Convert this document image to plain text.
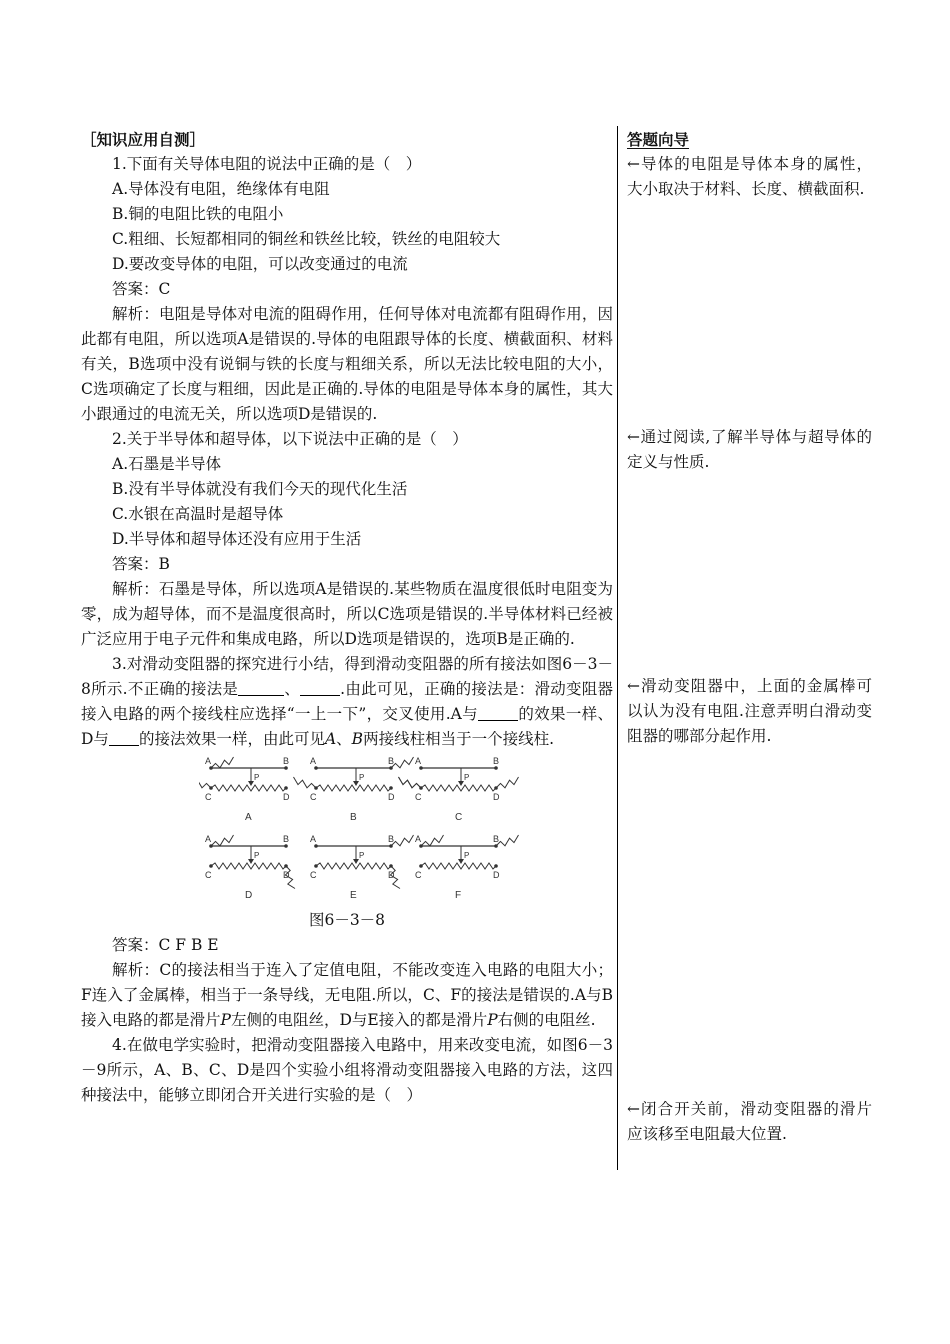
［知识应用自测］

1.下面有关导体电阻的说法中正确的是（　）

A.导体没有电阻，绝缘体有电阻

B.铜的电阻比铁的电阻小

C.粗细、长短都相同的铜丝和铁丝比较，铁丝的电阻较大

D.要改变导体的电阻，可以改变通过的电流

答案：C

解析：电阻是导体对电流的阻碍作用，任何导体对电流都有阻碍作用，因此都有电阻，所以选项A是错误的.导体的电阻跟导体的长度、横截面积、材料有关，B选项中没有说铜与铁的长度与粗细关系，所以无法比较电阻的大小，C选项确定了长度与粗细，因此是正确的.导体的电阻是导体本身的属性，其大小跟通过的电流无关，所以选项D是错误的.

2.关于半导体和超导体，以下说法中正确的是（　）

A.石墨是半导体

B.没有半导体就没有我们今天的现代化生活

C.水银在高温时是超导体

D.半导体和超导体还没有应用于生活

答案：B

解析：石墨是导体，所以选项A是错误的.某些物质在温度很低时电阻变为零，成为超导体，而不是温度很高时，所以C选项是错误的.半导体材料已经被广泛应用于电子元件和集成电路，所以D选项是错误的，选项B是正确的.

3.对滑动变阻器的探究进行小结，得到滑动变阻器的所有接法如图6－3－8所示.不正确的接法是	、	.由此可见，正确的接法是：滑动变阻器接入电路的两个接线柱应选择“一上一下”，交叉使用.A与	的效果一样、D与 的接法效果一样，由此可见A、B两接线柱相当于一个接线柱.

A	B
P
C	D
A
A	B
P
C	D
B
A	B
P
C	D
C
A	B
P
C	D
D
A	B
P
C	D
E
A	B
P
C	D
F

图6－3－8

答案：C F B E

解析：C的接法相当于连入了定值电阻，不能改变连入电路的电阻大小；F连入了金属棒，相当于一条导线，无电阻.所以，C、F的接法是错误的.A与B接入电路的都是滑片P左侧的电阻丝，D与E接入的都是滑片P右侧的电阻丝.

4.在做电学实验时，把滑动变阻器接入电路中，用来改变电流，如图6－3－9所示，A、B、C、D是四个实验小组将滑动变阻器接入电路的方法，这四种接法中，能够立即闭合开关进行实验的是（　）

答题向导

←导体的电阻是导体本身的属性，大小取决于材料、长度、横截面积.

←通过阅读,了解半导体与超导体的定义与性质.

←滑动变阻器中，上面的金属棒可以认为没有电阻.注意弄明白滑动变阻器的哪部分起作用.

←闭合开关前，滑动变阻器的滑片应该移至电阻最大位置.
